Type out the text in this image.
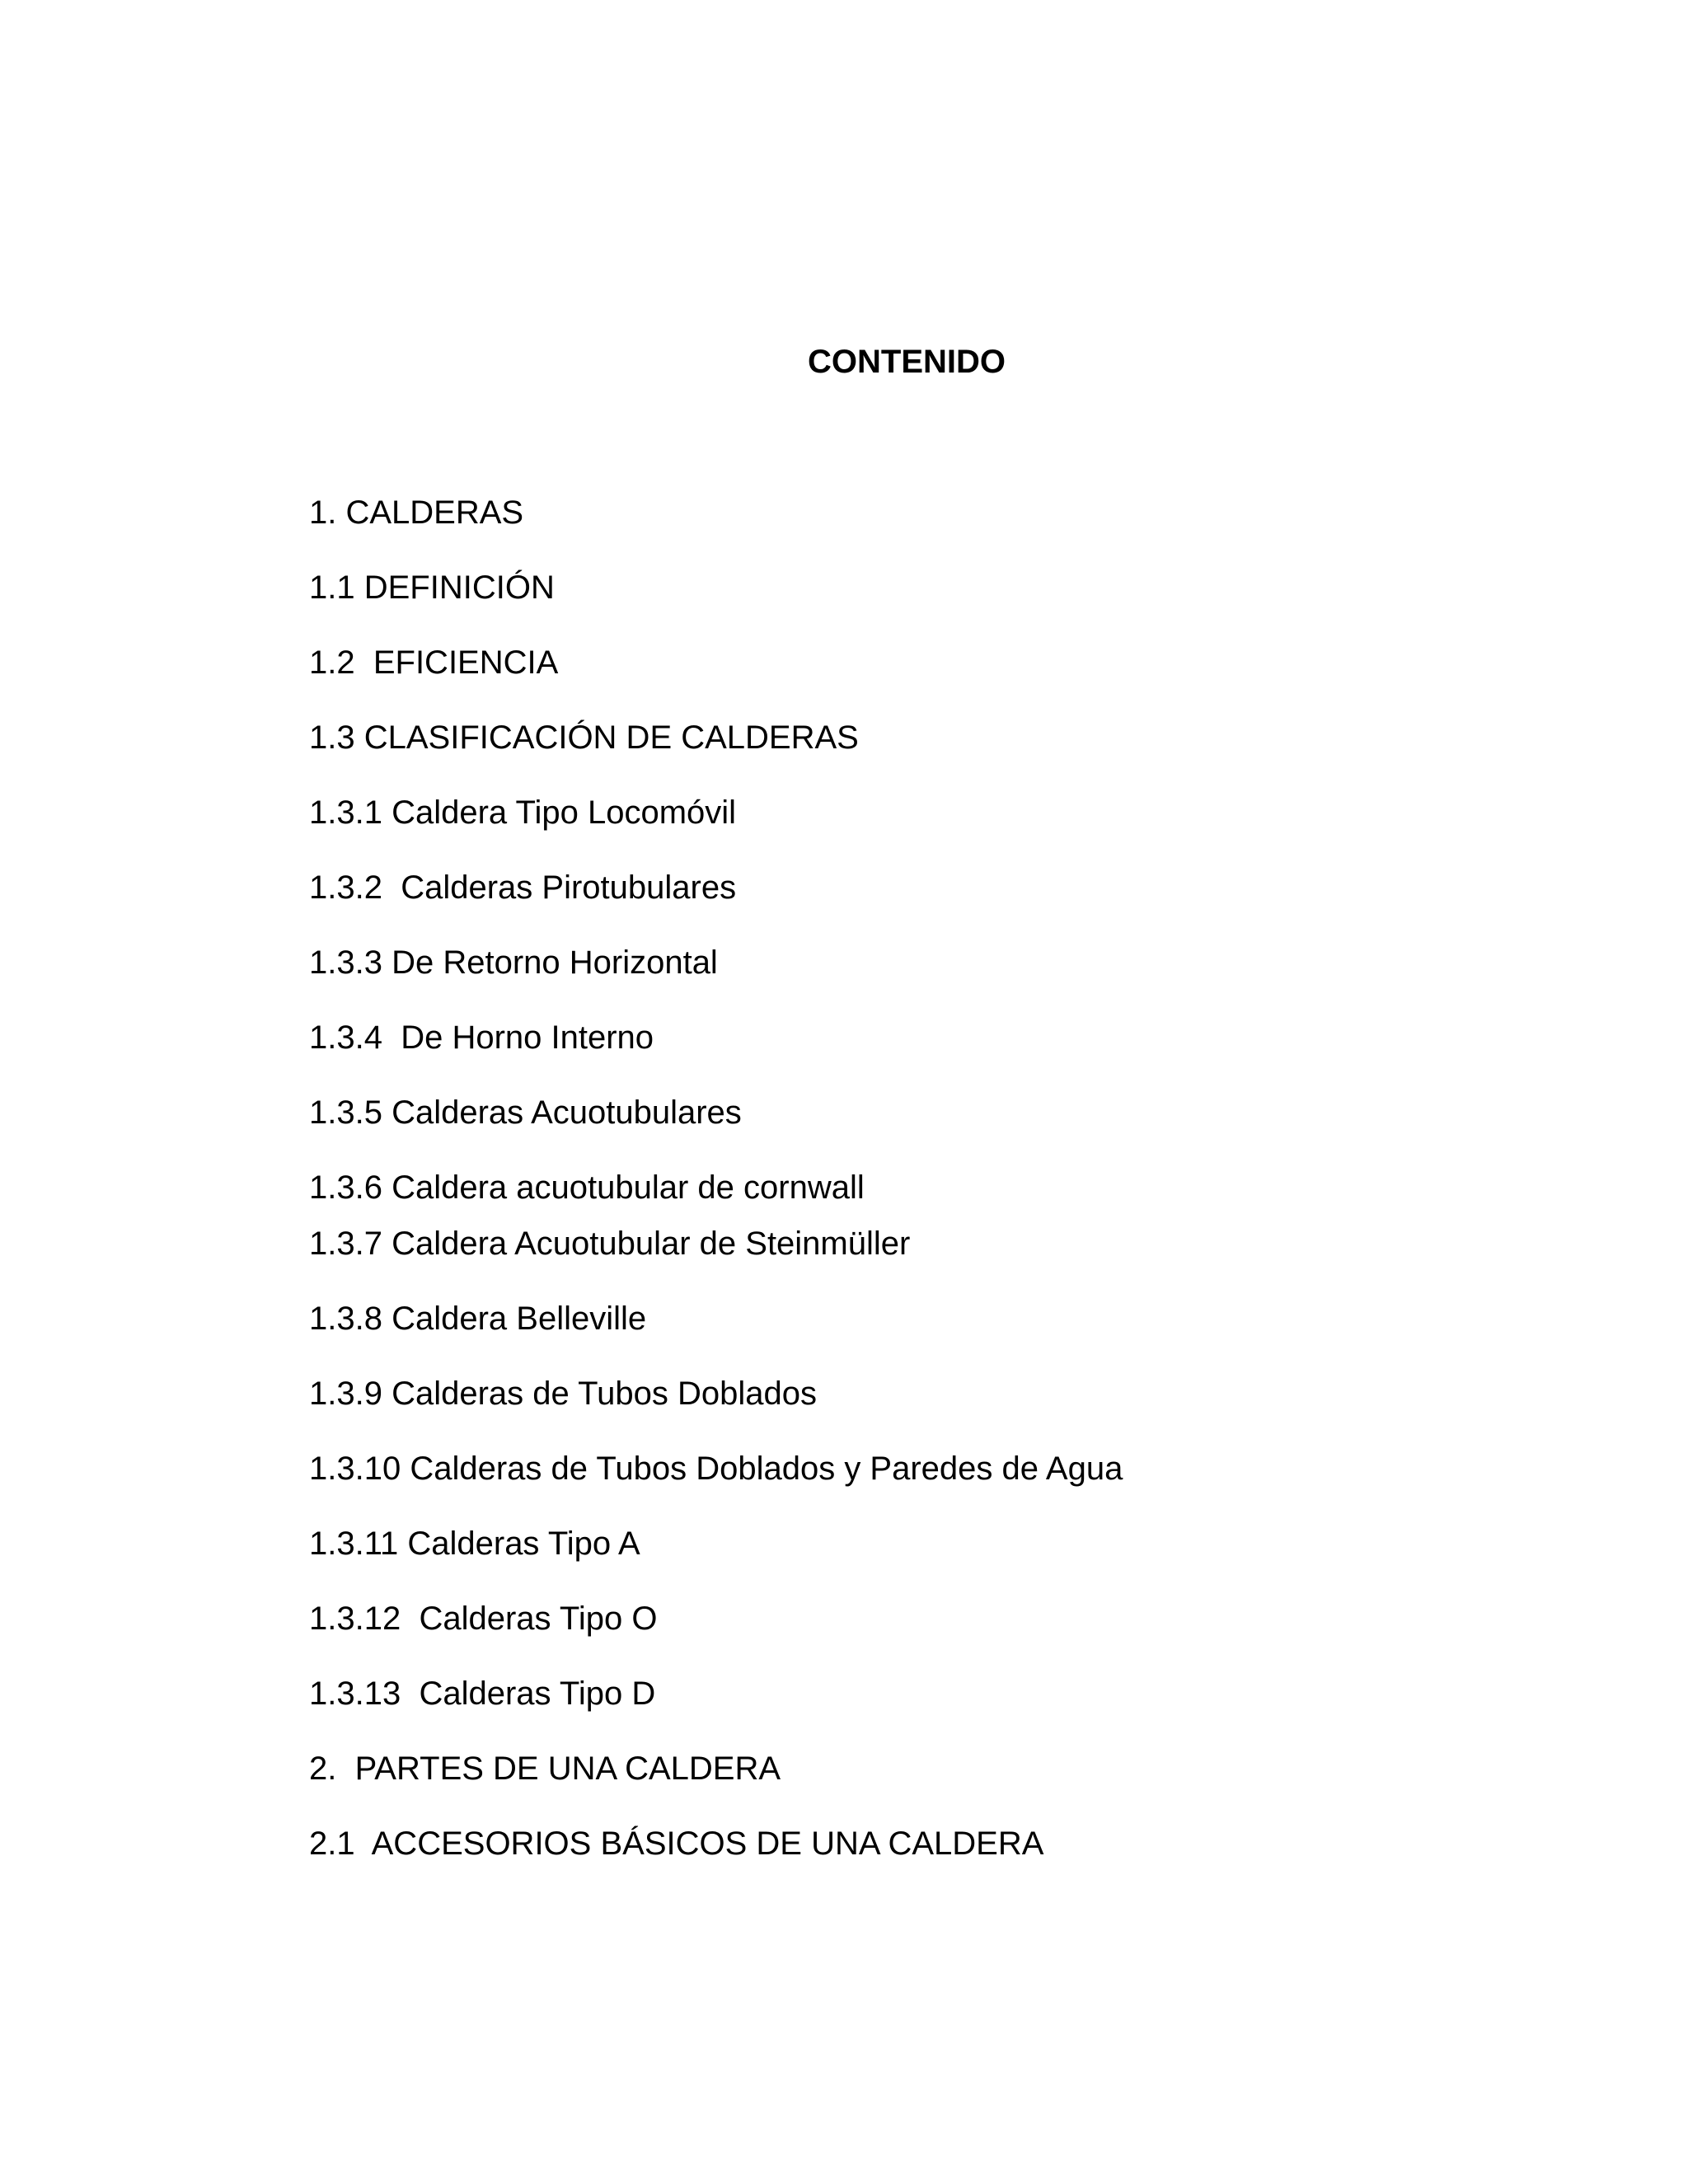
CONTENIDO
1. CALDERAS
1.1 DEFINICIÓN
1.2  EFICIENCIA
1.3 CLASIFICACIÓN DE CALDERAS
1.3.1 Caldera Tipo Locomóvil
1.3.2  Calderas Pirotubulares
1.3.3 De Retorno Horizontal
1.3.4  De Horno Interno
1.3.5 Calderas Acuotubulares
1.3.6 Caldera acuotubular de cornwall
1.3.7 Caldera Acuotubular de Steinmüller
1.3.8 Caldera Belleville
1.3.9 Calderas de Tubos Doblados
1.3.10 Calderas de Tubos Doblados y Paredes de Agua
1.3.11 Calderas Tipo A
1.3.12  Calderas Tipo O
1.3.13  Calderas Tipo D
2.  PARTES DE UNA CALDERA
2.1  ACCESORIOS BÁSICOS DE UNA CALDERA
